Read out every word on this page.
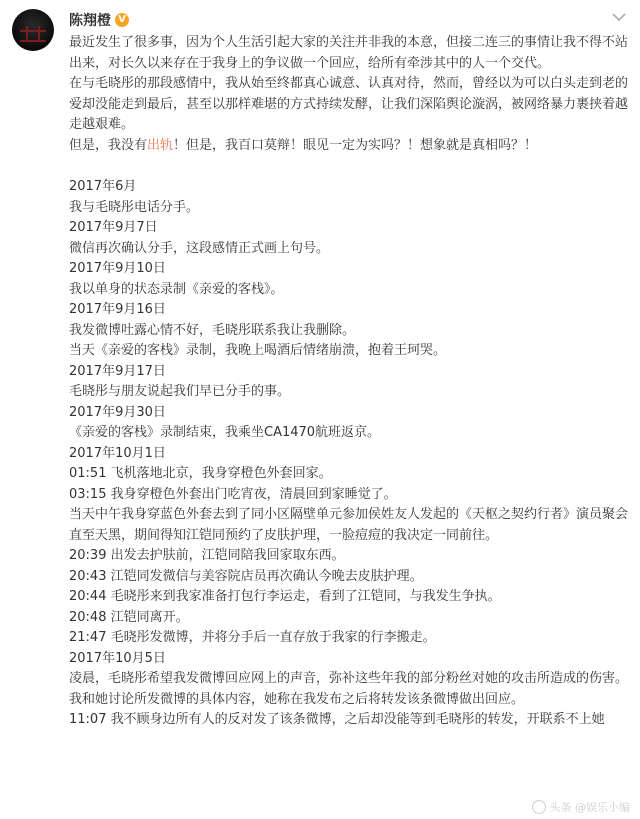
陈翔橙 V

最近发生了很多事，因为个人生活引起大家的关注并非我的本意，但接二连三的事情让我不得不站出来，对长久以来存在于我身上的争议做一个回应，给所有牵涉其中的人一个交代。

在与毛晓彤的那段感情中，我从始至终都真心诚意、认真对待，然而，曾经以为可以白头走到老的爱却没能走到最后，甚至以那样难堪的方式持续发酵，让我们深陷舆论漩涡，被网络暴力裹挟着越走越艰难。

但是，我没有出轨！但是，我百口莫辩！眼见一定为实吗？！想象就是真相吗？！

2017年6月

我与毛晓彤电话分手。

2017年9月7日

微信再次确认分手，这段感情正式画上句号。

2017年9月10日

我以单身的状态录制《亲爱的客栈》。

2017年9月16日

我发微博吐露心情不好，毛晓彤联系我让我删除。

当天《亲爱的客栈》录制，我晚上喝酒后情绪崩溃，抱着王珂哭。

2017年9月17日

毛晓彤与朋友说起我们早已分手的事。

2017年9月30日

《亲爱的客栈》录制结束，我乘坐CA1470航班返京。

2017年10月1日

01:51 飞机落地北京，我身穿橙色外套回家。

03:15 我身穿橙色外套出门吃宵夜，清晨回到家睡觉了。

当天中午我身穿蓝色外套去到了同小区隔壁单元参加侯姓友人发起的《天枢之契约行者》演员聚会直至天黑，期间得知江铠同预约了皮肤护理，一脸痘痘的我决定一同前往。

20:39 出发去护肤前，江铠同陪我回家取东西。

20:43 江铠同发微信与美容院店员再次确认今晚去皮肤护理。

20:44 毛晓彤来到我家准备打包行李运走，看到了江铠同，与我发生争执。

20:48 江铠同离开。

21:47 毛晓彤发微博，并将分手后一直存放于我家的行李搬走。

2017年10月5日

凌晨，毛晓彤希望我发微博回应网上的声音，弥补这些年我的部分粉丝对她的攻击所造成的伤害。我和她讨论所发微博的具体内容，她称在我发布之后将转发该条微博做出回应。

11:07 我不顾身边所有人的反对发了该条微博，之后却没能等到毛晓彤的转发，开联系不上她

头条 @娱乐小编
